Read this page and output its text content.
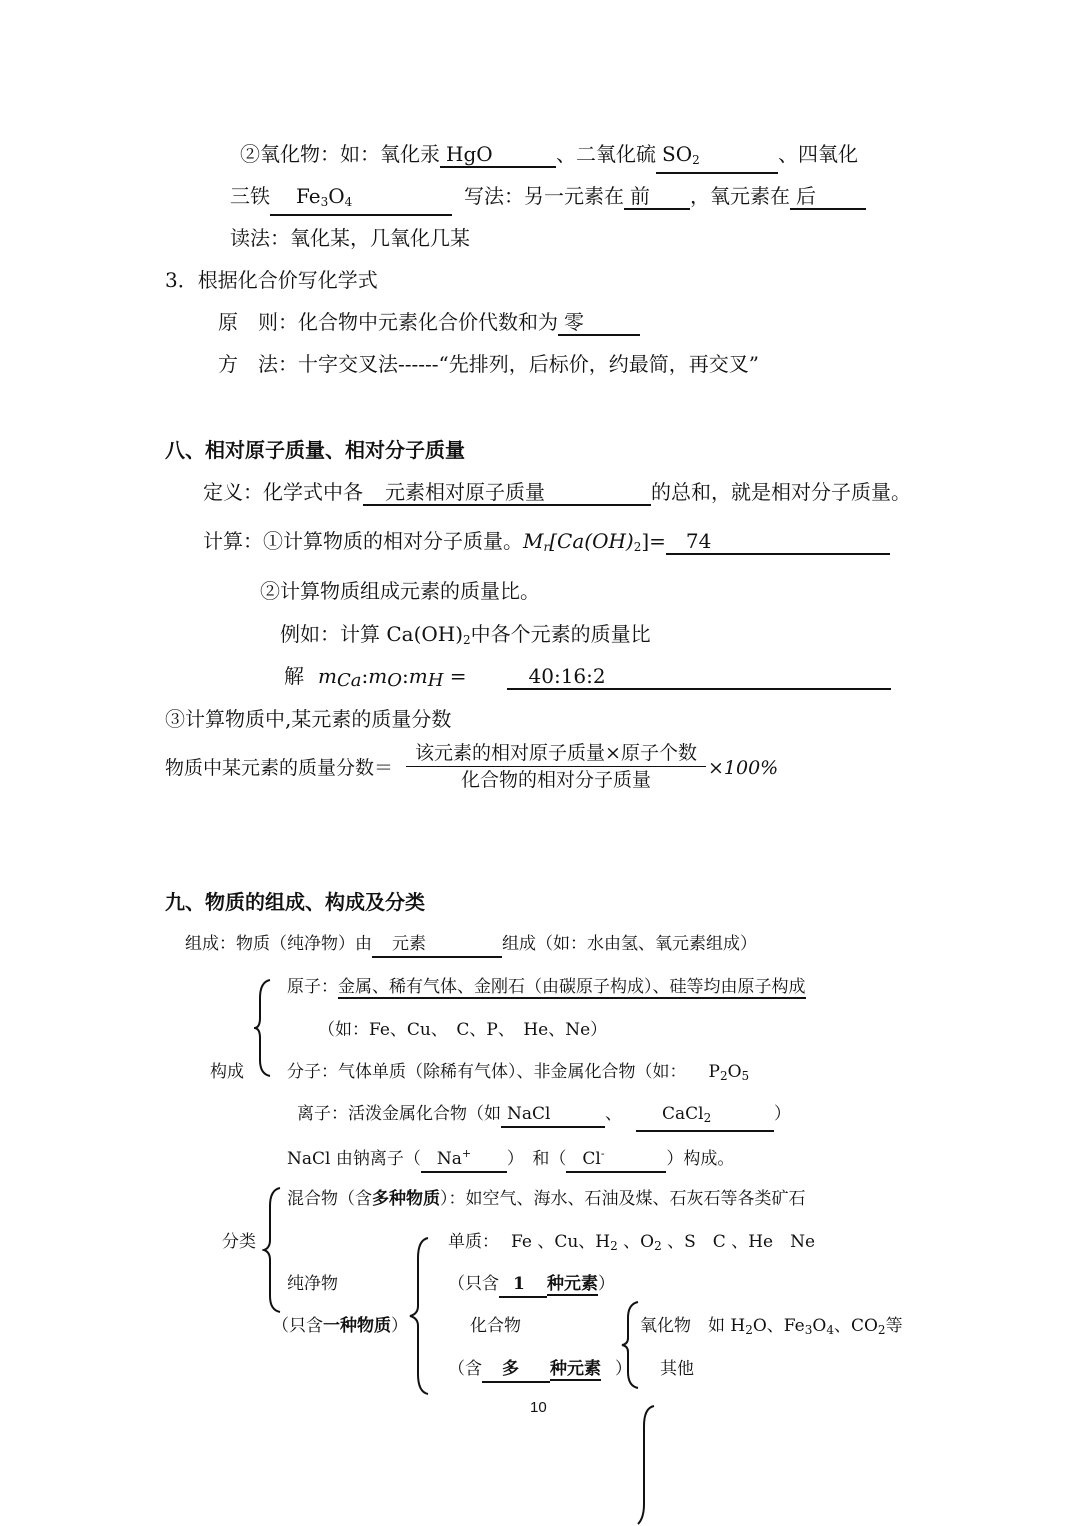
②氧化物：如：氧化汞 HgO	、二氧化硫 $SO_2$	、四氧化
三铁 $Fe_3O_4$	写法：另一元素在 前 ，氧元素在 后
读法：氧化某，几氧化几某
3．根据化合价写化学式
原　则：化合物中元素化合价代数和为 零
方　法：十字交叉法------“先排列，后标价，约最简，再交叉”
八、相对原子质量、相对分子质量
定义：化学式中各 元素相对原子质量	的总和，就是相对分子质量。
计算：①计算物质的相对分子质量。$M_r[Ca(OH)_2]= 74$
②计算物质组成元素的质量比。
例如：计算 $Ca(OH)_2$中各个元素的质量比
解 $m_{Ca}:m_O:m_H$ =	40:16:2
③计算物质中,某元素的质量分数
物质中某元素的质量分数＝
该元素的相对原子质量×原子个数
化合物的相对分子质量
×100%
九、物质的组成、构成及分类
组成：物质（纯净物）由 元素	组成（如：水由氢、氧元素组成）
构成
原子：金属、稀有气体、金刚石（由碳原子构成）、硅等均由原子构成
（如：Fe、Cu、　C、P、　He、Ne）
分子：气体单质（除稀有气体）、非金属化合物（如： $P_2O_5$
离子：活泼金属化合物（如 NaCl	、 CaCl$_2$	）
NaCl 由钠离子（ Na+ ）　和（ Cl-	）构成。
分类
混合物（含多种物质）：如空气、海水、石油及煤、石灰石等各类矿石
纯净物
（只含一种物质）
单质： Fe 、Cu、$H_2$ 、$O_2$ 、S　C 、He　Ne
（只含 1 种元素）
化合物
（含 多 种元素 ）
氧化物　如 $H_2O$、$Fe_3O_4$、$CO_2$等
其他
10
